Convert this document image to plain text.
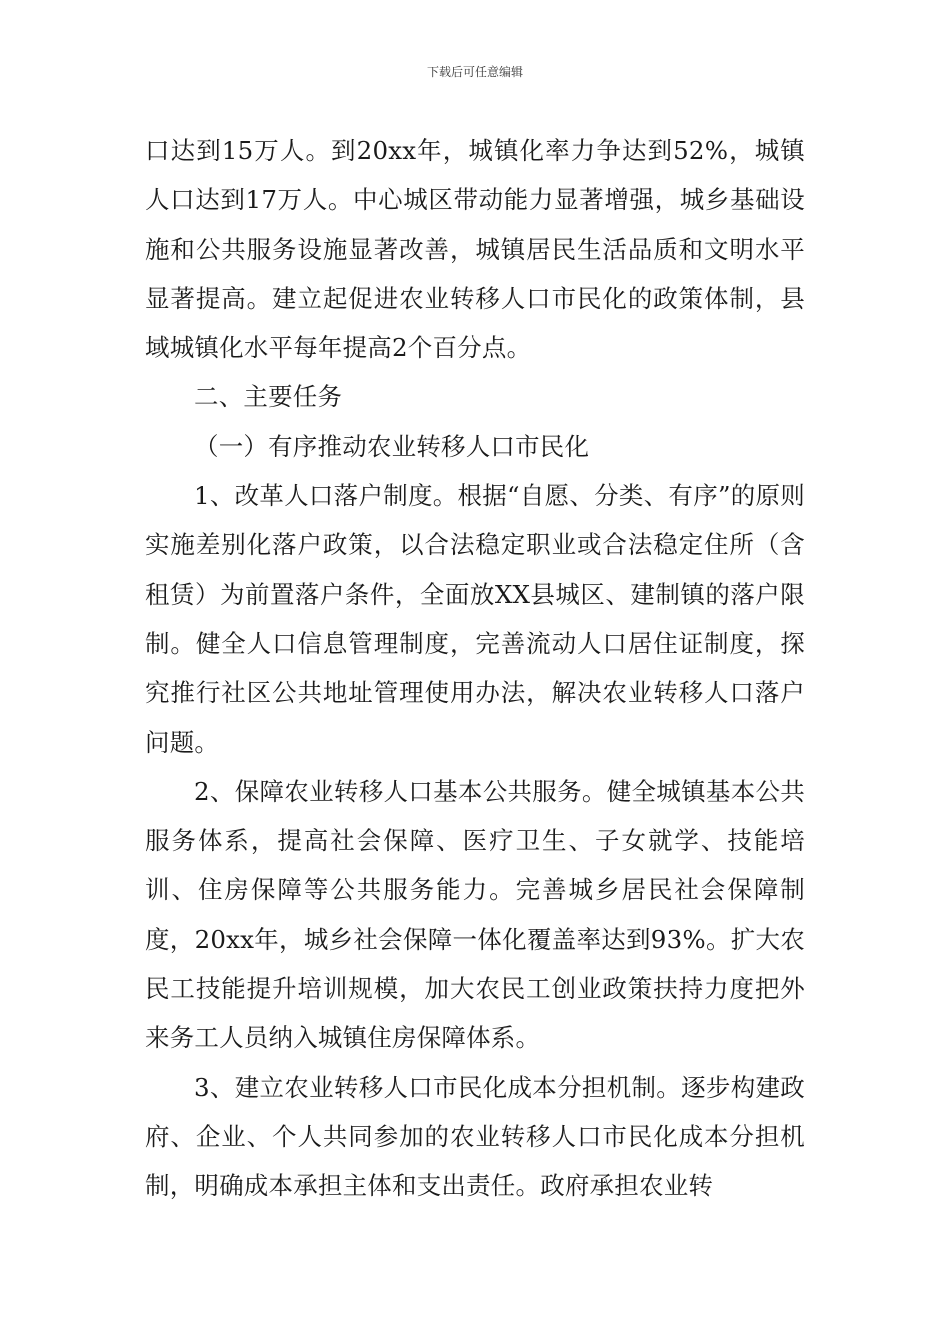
下载后可任意编辑

口达到15万人。到20xx年，城镇化率力争达到52%，城镇人口达到17万人。中心城区带动能力显著增强，城乡基础设施和公共服务设施显著改善，城镇居民生活品质和文明水平显著提高。建立起促进农业转移人口市民化的政策体制，县域城镇化水平每年提高2个百分点。

二、主要任务

（一）有序推动农业转移人口市民化

1、改革人口落户制度。根据“自愿、分类、有序”的原则实施差别化落户政策，以合法稳定职业或合法稳定住所（含租赁）为前置落户条件，全面放XX县城区、建制镇的落户限制。健全人口信息管理制度，完善流动人口居住证制度，探究推行社区公共地址管理使用办法，解决农业转移人口落户问题。

2、保障农业转移人口基本公共服务。健全城镇基本公共服务体系，提高社会保障、医疗卫生、子女就学、技能培训、住房保障等公共服务能力。完善城乡居民社会保障制度，20xx年，城乡社会保障一体化覆盖率达到93%。扩大农民工技能提升培训规模，加大农民工创业政策扶持力度把外来务工人员纳入城镇住房保障体系。

3、建立农业转移人口市民化成本分担机制。逐步构建政府、企业、个人共同参加的农业转移人口市民化成本分担机制，明确成本承担主体和支出责任。政府承担农业转
